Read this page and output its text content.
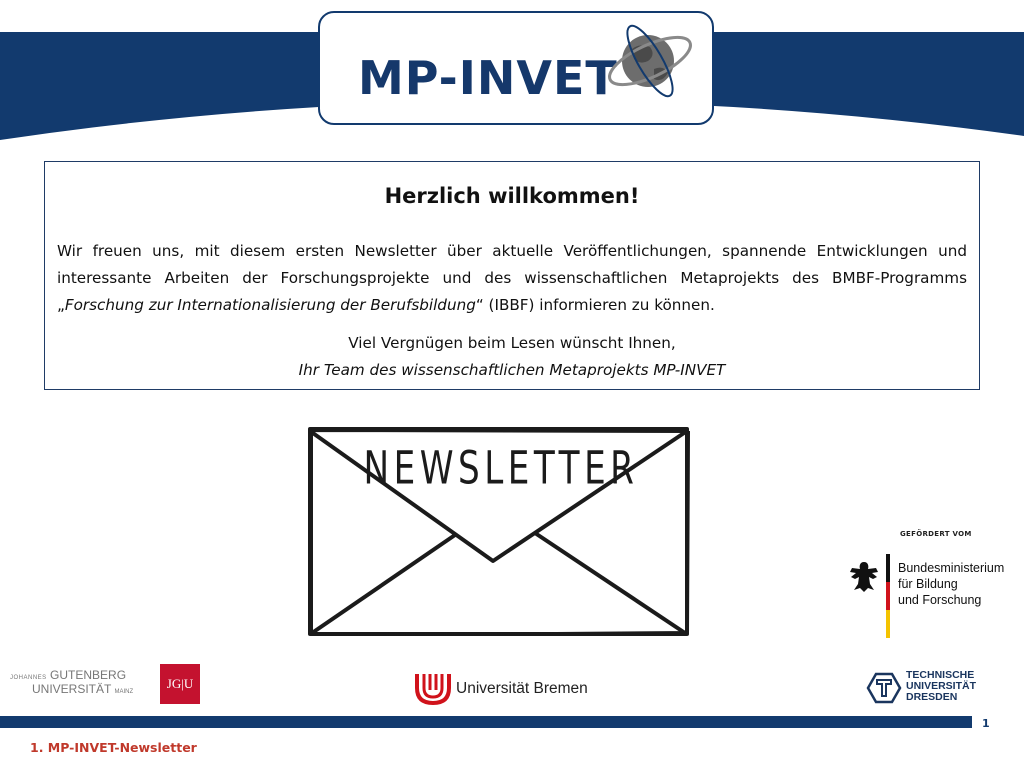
MP-INVET
Herzlich willkommen!
Wir freuen uns, mit diesem ersten Newsletter über aktuelle Veröffentlichungen, spannende Entwicklungen und interessante Arbeiten der Forschungsprojekte und des wissenschaftlichen Metaprojekts des BMBF-Programms „Forschung zur Internationalisierung der Berufsbildung“ (IBBF) informieren zu können.
Viel Vergnügen beim Lesen wünscht Ihnen,
Ihr Team des wissenschaftlichen Metaprojekts MP-INVET
NEWSLETTER
GEFÖRDERT VOM
Bundesministerium
für Bildung
und Forschung
JOHANNES GUTENBERG
UNIVERSITÄT MAINZ
JG|U	Universität Bremen
TECHNISCHE
UNIVERSITÄT
DRESDEN
1
1. MP-INVET-Newsletter
